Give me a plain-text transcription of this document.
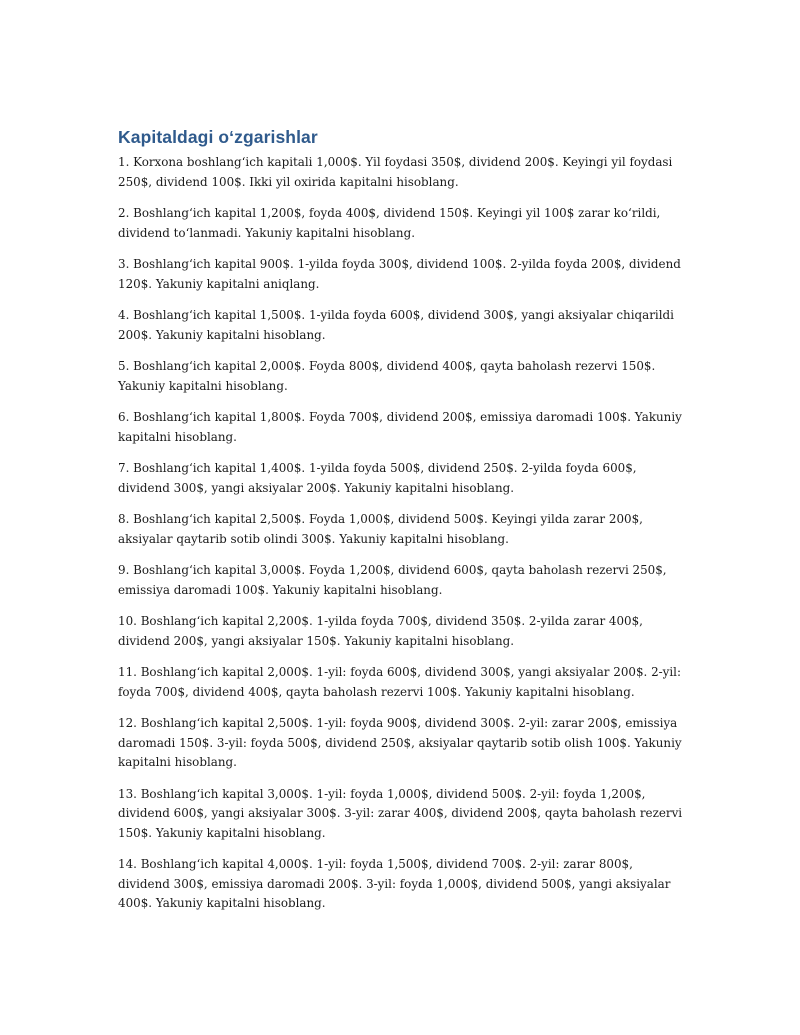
Kapitaldagi oʻzgarishlar

1. Korxona boshlangʻich kapitali 1,000$. Yil foydasi 350$, dividend 200$. Keyingi yil foydasi 250$, dividend 100$. Ikki yil oxirida kapitalni hisoblang.

2. Boshlangʻich kapital 1,200$, foyda 400$, dividend 150$. Keyingi yil 100$ zarar koʻrildi, dividend toʻlanmadi. Yakuniy kapitalni hisoblang.

3. Boshlangʻich kapital 900$. 1-yilda foyda 300$, dividend 100$. 2-yilda foyda 200$, dividend 120$. Yakuniy kapitalni aniqlang.

4. Boshlangʻich kapital 1,500$. 1-yilda foyda 600$, dividend 300$, yangi aksiyalar chiqarildi 200$. Yakuniy kapitalni hisoblang.

5. Boshlangʻich kapital 2,000$. Foyda 800$, dividend 400$, qayta baholash rezervi 150$. Yakuniy kapitalni hisoblang.

6. Boshlangʻich kapital 1,800$. Foyda 700$, dividend 200$, emissiya daromadi 100$. Yakuniy kapitalni hisoblang.

7. Boshlangʻich kapital 1,400$. 1-yilda foyda 500$, dividend 250$. 2-yilda foyda 600$, dividend 300$, yangi aksiyalar 200$. Yakuniy kapitalni hisoblang.

8. Boshlangʻich kapital 2,500$. Foyda 1,000$, dividend 500$. Keyingi yilda zarar 200$, aksiyalar qaytarib sotib olindi 300$. Yakuniy kapitalni hisoblang.

9. Boshlangʻich kapital 3,000$. Foyda 1,200$, dividend 600$, qayta baholash rezervi 250$, emissiya daromadi 100$. Yakuniy kapitalni hisoblang.

10. Boshlangʻich kapital 2,200$. 1-yilda foyda 700$, dividend 350$. 2-yilda zarar 400$, dividend 200$, yangi aksiyalar 150$. Yakuniy kapitalni hisoblang.

11. Boshlangʻich kapital 2,000$. 1-yil: foyda 600$, dividend 300$, yangi aksiyalar 200$. 2-yil: foyda 700$, dividend 400$, qayta baholash rezervi 100$. Yakuniy kapitalni hisoblang.

12. Boshlangʻich kapital 2,500$. 1-yil: foyda 900$, dividend 300$. 2-yil: zarar 200$, emissiya daromadi 150$. 3-yil: foyda 500$, dividend 250$, aksiyalar qaytarib sotib olish 100$. Yakuniy kapitalni hisoblang.

13. Boshlangʻich kapital 3,000$. 1-yil: foyda 1,000$, dividend 500$. 2-yil: foyda 1,200$, dividend 600$, yangi aksiyalar 300$. 3-yil: zarar 400$, dividend 200$, qayta baholash rezervi 150$. Yakuniy kapitalni hisoblang.

14. Boshlangʻich kapital 4,000$. 1-yil: foyda 1,500$, dividend 700$. 2-yil: zarar 800$, dividend 300$, emissiya daromadi 200$. 3-yil: foyda 1,000$, dividend 500$, yangi aksiyalar 400$. Yakuniy kapitalni hisoblang.
